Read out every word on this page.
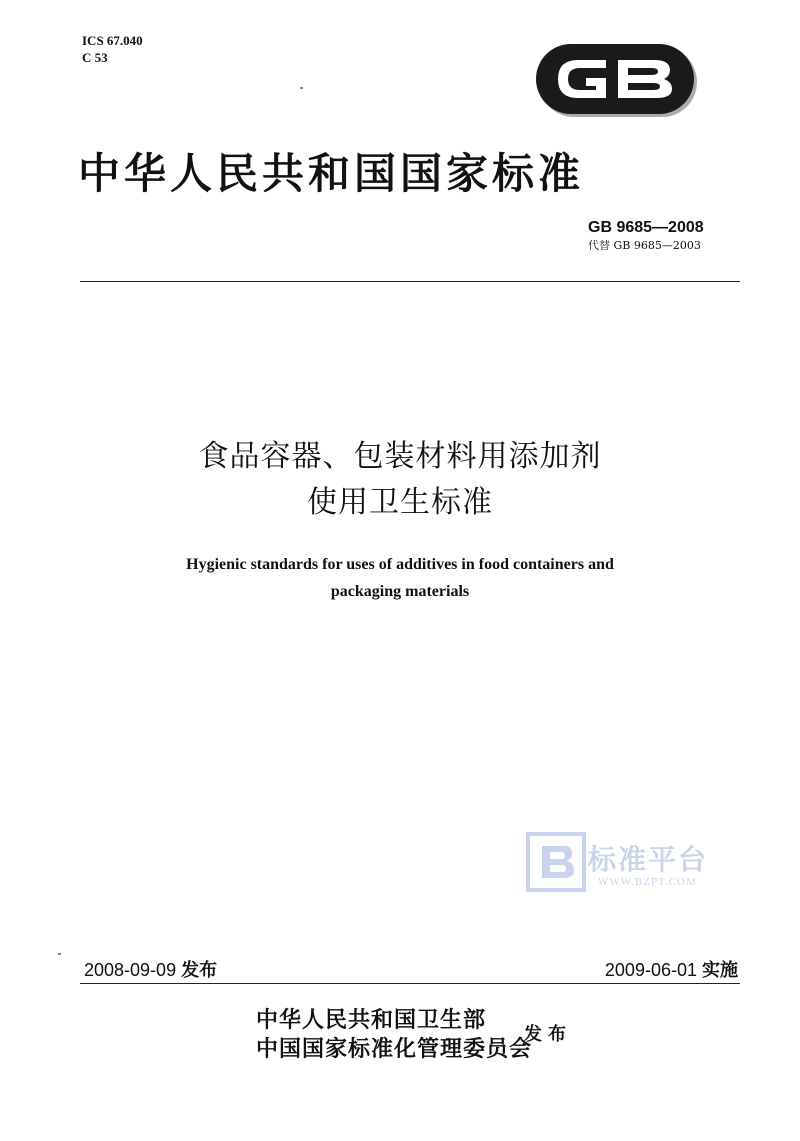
ICS 67.040
C 53
中华人民共和国国家标准
GB 9685—2008
代替 GB 9685—2003
食品容器、包装材料用添加剂
使用卫生标准
Hygienic standards for uses of additives in food containers and
packaging materials
标准平台
WWW.BZPT.COM
2008-09-09 发布	2009-06-01 实施
中华人民共和国卫生部
中国国家标准化管理委员会
发布
